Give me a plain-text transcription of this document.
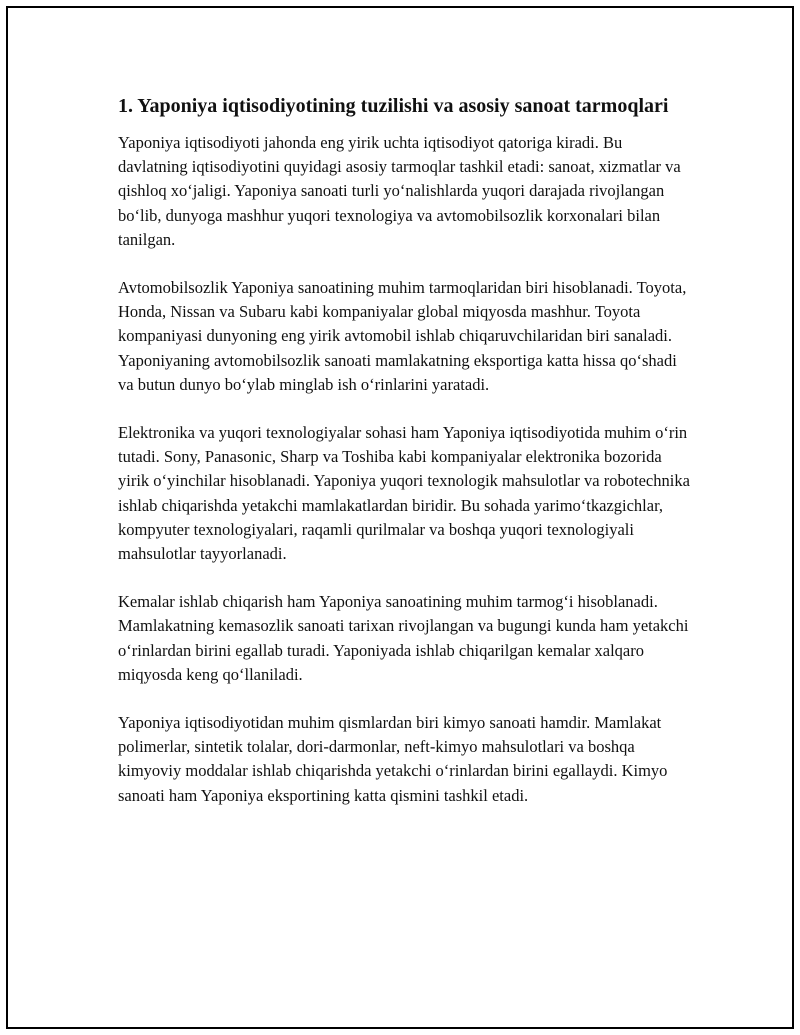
1. Yaponiya iqtisodiyotining tuzilishi va asosiy sanoat tarmoqlari

Yaponiya iqtisodiyoti jahonda eng yirik uchta iqtisodiyot qatoriga kiradi. Bu davlatning iqtisodiyotini quyidagi asosiy tarmoqlar tashkil etadi: sanoat, xizmatlar va qishloq xo‘jaligi. Yaponiya sanoati turli yo‘nalishlarda yuqori darajada rivojlangan bo‘lib, dunyoga mashhur yuqori texnologiya va avtomobilsozlik korxonalari bilan tanilgan.

Avtomobilsozlik Yaponiya sanoatining muhim tarmoqlaridan biri hisoblanadi. Toyota, Honda, Nissan va Subaru kabi kompaniyalar global miqyosda mashhur. Toyota kompaniyasi dunyoning eng yirik avtomobil ishlab chiqaruvchilaridan biri sanaladi. Yaponiyaning avtomobilsozlik sanoati mamlakatning eksportiga katta hissa qo‘shadi va butun dunyo bo‘ylab minglab ish o‘rinlarini yaratadi.

Elektronika va yuqori texnologiyalar sohasi ham Yaponiya iqtisodiyotida muhim o‘rin tutadi. Sony, Panasonic, Sharp va Toshiba kabi kompaniyalar elektronika bozorida yirik o‘yinchilar hisoblanadi. Yaponiya yuqori texnologik mahsulotlar va robotechnika ishlab chiqarishda yetakchi mamlakatlardan biridir. Bu sohada yarimo‘tkazgichlar, kompyuter texnologiyalari, raqamli qurilmalar va boshqa yuqori texnologiyali mahsulotlar tayyorlanadi.

Kemalar ishlab chiqarish ham Yaponiya sanoatining muhim tarmog‘i hisoblanadi. Mamlakatning kemasozlik sanoati tarixan rivojlangan va bugungi kunda ham yetakchi o‘rinlardan birini egallab turadi. Yaponiyada ishlab chiqarilgan kemalar xalqaro miqyosda keng qo‘llaniladi.

Yaponiya iqtisodiyotidan muhim qismlardan biri kimyo sanoati hamdir. Mamlakat polimerlar, sintetik tolalar, dori-darmonlar, neft-kimyo mahsulotlari va boshqa kimyoviy moddalar ishlab chiqarishda yetakchi o‘rinlardan birini egallaydi. Kimyo sanoati ham Yaponiya eksportining katta qismini tashkil etadi.
